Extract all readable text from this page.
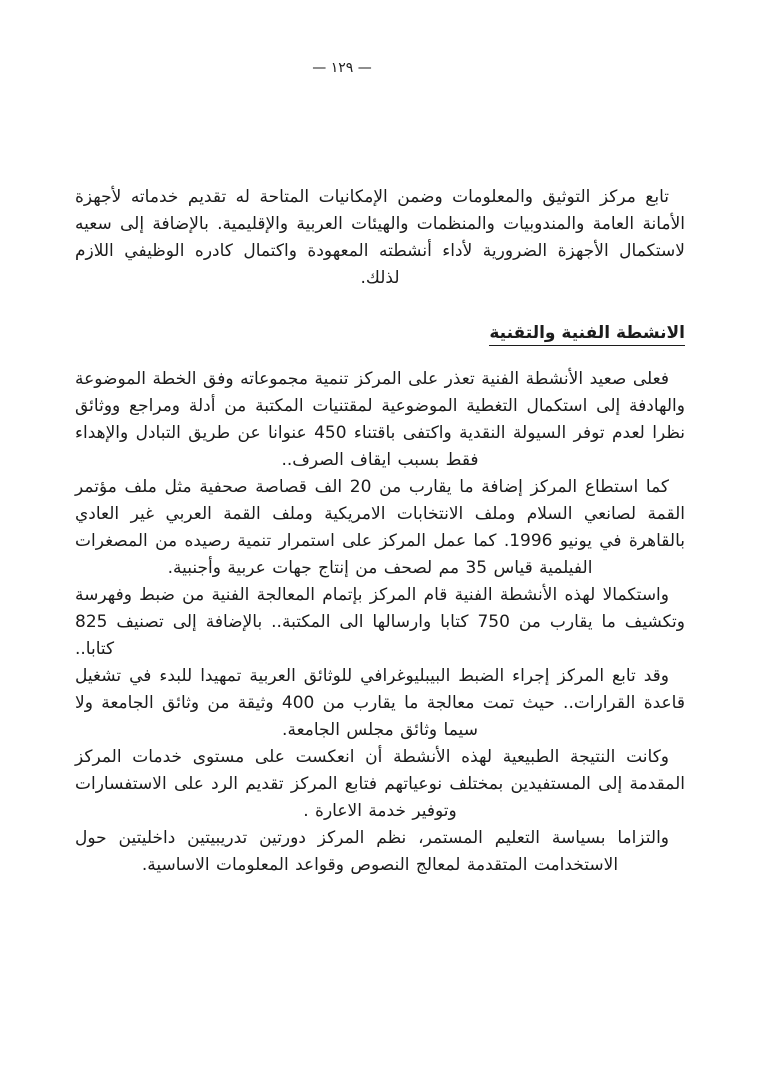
— ١٢٩ —

تابع مركز التوثيق والمعلومات وضمن الإمكانيات المتاحة له تقديم خدماته لأجهزة الأمانة العامة والمندوبيات والمنظمات والهيئات العربية والإقليمية. بالإضافة إلى سعيه لاستكمال الأجهزة الضرورية لأداء أنشطته المعهودة واكتمال كادره الوظيفي اللازم لذلك.

الانشطة الفنية والتقنية

فعلى صعيد الأنشطة الفنية تعذر على المركز تنمية مجموعاته وفق الخطة الموضوعة والهادفة إلى استكمال التغطية الموضوعية لمقتنيات المكتبة من أدلة ومراجع ووثائق نظرا لعدم توفر السيولة النقدية واكتفى باقتناء 450 عنوانا عن طريق التبادل والإهداء فقط بسبب ايقاف الصرف..

كما استطاع المركز إضافة ما يقارب من 20 الف قصاصة صحفية مثل ملف مؤتمر القمة لصانعي السلام وملف الانتخابات الامريكية وملف القمة العربي غير العادي بالقاهرة في يونيو 1996. كما عمل المركز على استمرار تنمية رصيده من المصغرات الفيلمية قياس 35 مم لصحف من إنتاج جهات عربية وأجنبية.

واستكمالا لهذه الأنشطة الفنية قام المركز بإتمام المعالجة الفنية من ضبط وفهرسة وتكشيف ما يقارب من 750 كتابا وارسالها الى المكتبة.. بالإضافة إلى تصنيف 825 كتابا..

وقد تابع المركز إجراء الضبط البيبليوغرافي للوثائق العربية تمهيدا للبدء في تشغيل قاعدة القرارات.. حيث تمت معالجة ما يقارب من 400 وثيقة من وثائق الجامعة ولا سيما وثائق مجلس الجامعة.

وكانت النتيجة الطبيعية لهذه الأنشطة أن انعكست على مستوى خدمات المركز المقدمة إلى المستفيدين بمختلف نوعياتهم فتابع المركز تقديم الرد على الاستفسارات وتوفير خدمة الاعارة .

والتزاما بسياسة التعليم المستمر، نظم المركز دورتين تدريبيتين داخليتين حول الاستخدامت المتقدمة لمعالج النصوص وقواعد المعلومات الاساسية.
